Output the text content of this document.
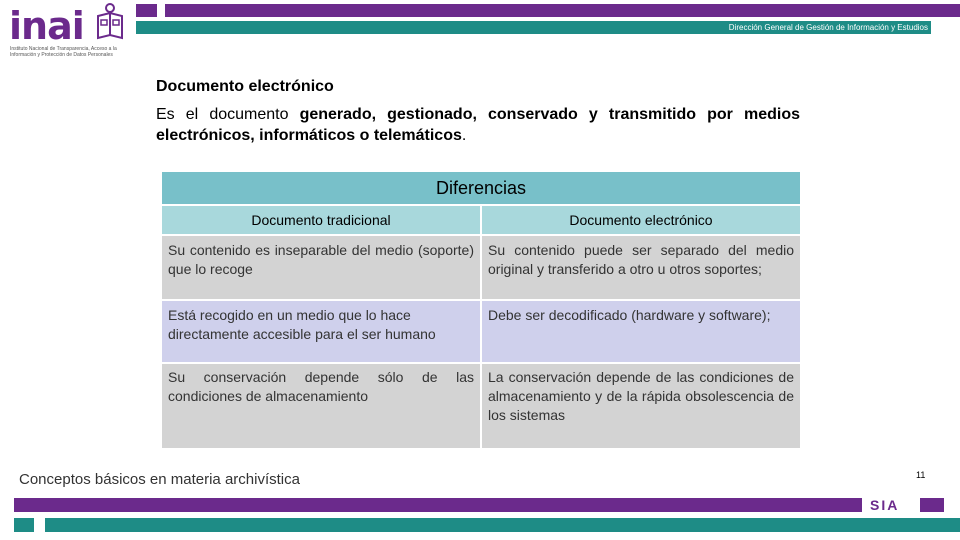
inai
Instituto Nacional de Transparencia, Acceso a la Información y Protección de Datos Personales
Dirección General de Gestión de Información y Estudios
Documento electrónico
Es el documento generado, gestionado, conservado y transmitido por medios electrónicos, informáticos o telemáticos.
Diferencias	
Documento tradicional	Documento electrónico
Su contenido es inseparable del medio (soporte) que lo recoge	Su contenido puede ser separado del medio original y transferido a otro u otros soportes;
Está recogido en un medio que lo hace directamente accesible para el ser humano	Debe ser decodificado (hardware y software);
Su conservación depende sólo de las condiciones de almacenamiento	La conservación depende de las condiciones de almacenamiento y de la rápida obsolescencia de los sistemas
Conceptos básicos en materia archivística	11
SIA
